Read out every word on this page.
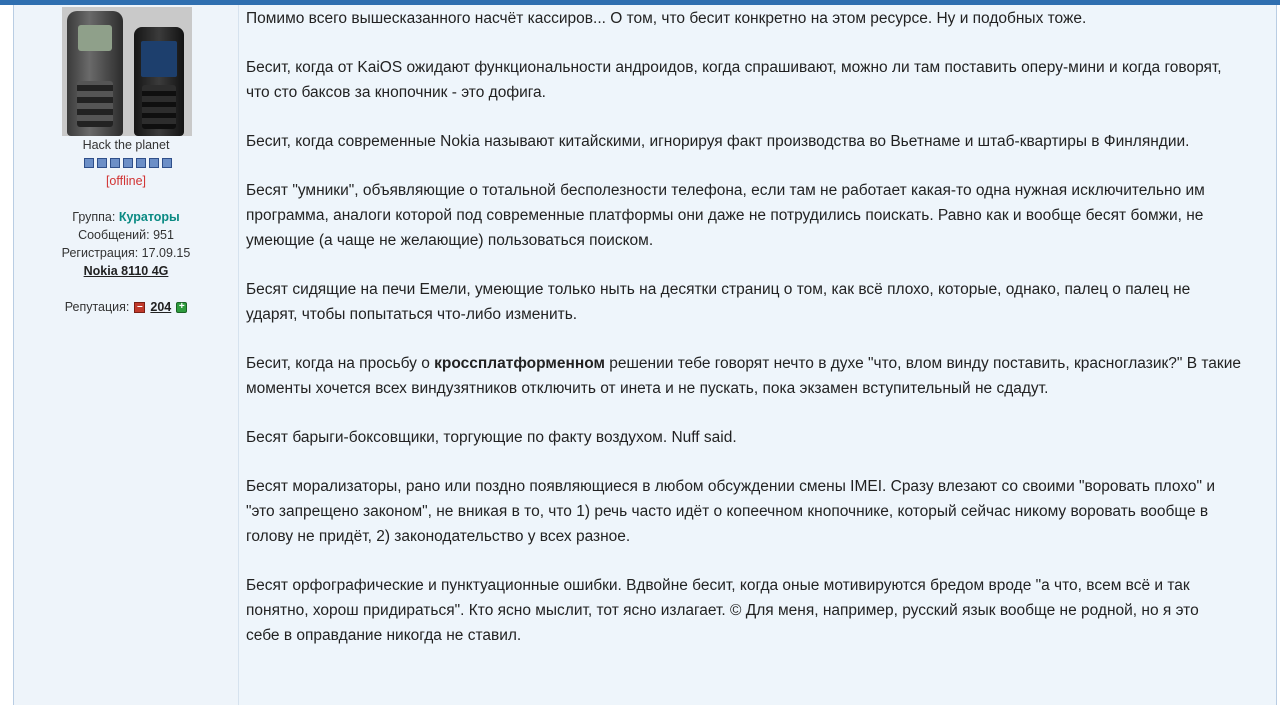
Hack the planet
[offline]
Группа: Кураторы
Сообщений: 951
Регистрация: 17.09.15
Nokia 8110 4G
Репутация: – 204 +

Помимо всего вышесказанного насчёт кассиров... О том, что бесит конкретно на этом ресурсе. Ну и подобных тоже.

Бесит, когда от KaiOS ожидают функциональности андроидов, когда спрашивают, можно ли там поставить оперу-мини и когда говорят,

что сто баксов за кнопочник - это дофига.

Бесит, когда современные Nokia называют китайскими, игнорируя факт производства во Вьетнаме и штаб-квартиры в Финляндии.

Бесят "умники", объявляющие о тотальной бесполезности телефона, если там не работает какая-то одна нужная исключительно им

программа, аналоги которой под современные платформы они даже не потрудились поискать. Равно как и вообще бесят бомжи, не

умеющие (а чаще не желающие) пользоваться поиском.

Бесят сидящие на печи Емели, умеющие только ныть на десятки страниц о том, как всё плохо, которые, однако, палец о палец не

ударят, чтобы попытаться что-либо изменить.

Бесит, когда на просьбу о кроссплатформенном решении тебе говорят нечто в духе "что, влом винду поставить, красноглазик?" В такие

моменты хочется всех виндузятников отключить от инета и не пускать, пока экзамен вступительный не сдадут.

Бесят барыги-боксовщики, торгующие по факту воздухом. Nuff said.

Бесят морализаторы, рано или поздно появляющиеся в любом обсуждении смены IMEI. Сразу влезают со своими "воровать плохо" и

"это запрещено законом", не вникая в то, что 1) речь часто идёт о копеечном кнопочнике, который сейчас никому воровать вообще в

голову не придёт, 2) законодательство у всех разное.

Бесят орфографические и пунктуационные ошибки. Вдвойне бесит, когда оные мотивируются бредом вроде "а что, всем всё и так

понятно, хорош придираться". Кто ясно мыслит, тот ясно излагает. © Для меня, например, русский язык вообще не родной, но я это

себе в оправдание никогда не ставил.
